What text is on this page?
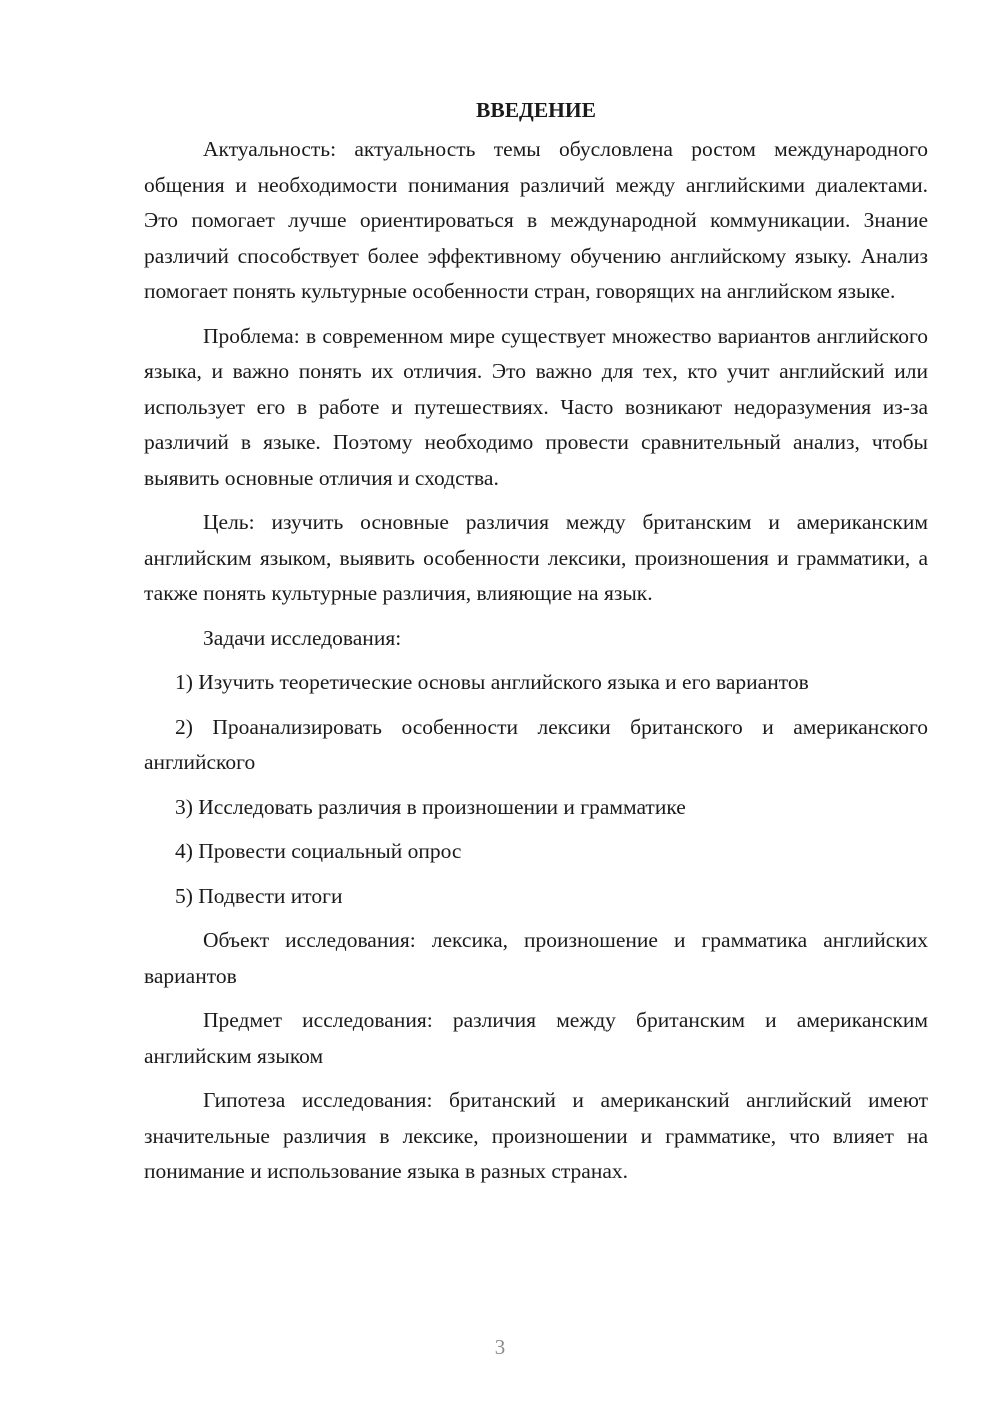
ВВЕДЕНИЕ

Актуальность: актуальность темы обусловлена ростом международного общения и необходимости понимания различий между английскими диалектами. Это помогает лучше ориентироваться в международной коммуникации. Знание различий способствует более эффективному обучению английскому языку. Анализ помогает понять культурные особенности стран, говорящих на английском языке.

Проблема: в современном мире существует множество вариантов английского языка, и важно понять их отличия. Это важно для тех, кто учит английский или использует его в работе и путешествиях. Часто возникают недоразумения из-за различий в языке. Поэтому необходимо провести сравнительный анализ, чтобы выявить основные отличия и сходства.

Цель: изучить основные различия между британским и американским английским языком, выявить особенности лексики, произношения и грамматики, а также понять культурные различия, влияющие на язык.

Задачи исследования:

1) Изучить теоретические основы английского языка и его вариантов

2) Проанализировать особенности лексики британского и американского английского

3) Исследовать различия в произношении и грамматике

4) Провести социальный опрос

5) Подвести итоги

Объект исследования: лексика, произношение и грамматика английских вариантов

Предмет исследования: различия между британским и американским английским языком

Гипотеза исследования: британский и американский английский имеют значительные различия в лексике, произношении и грамматике, что влияет на понимание и использование языка в разных странах.

3
